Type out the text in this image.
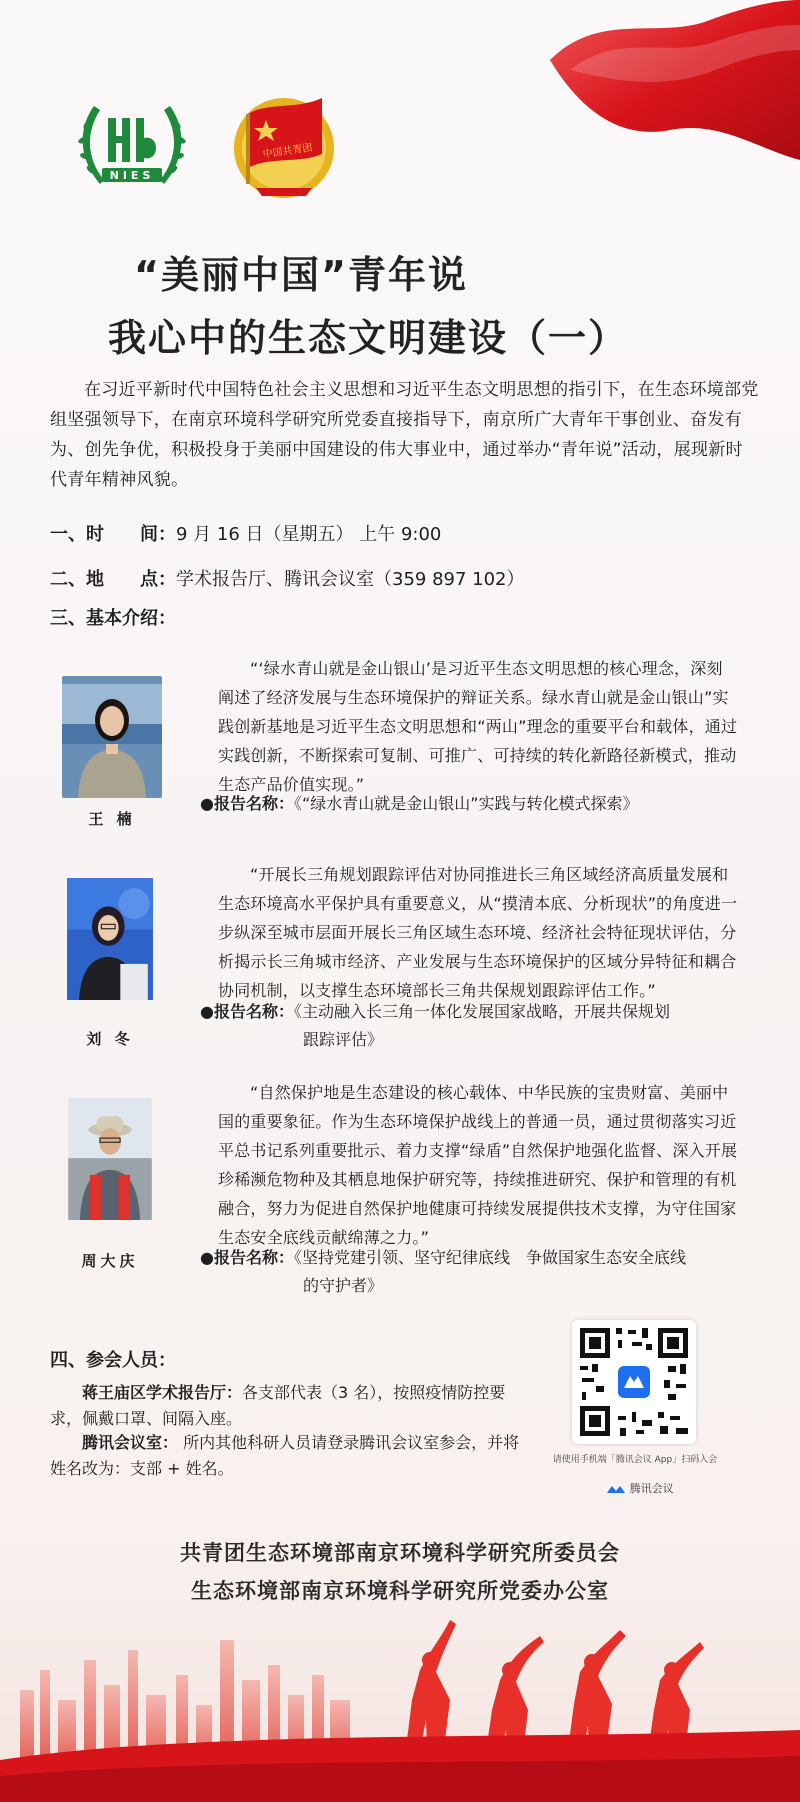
NIES
中国共青团
“美丽中国”青年说
我心中的生态文明建设（一）
在习近平新时代中国特色社会主义思想和习近平生态文明思想的指引下，在生态环境部党组坚强领导下，在南京环境科学研究所党委直接指导下，南京所广大青年干事创业、奋发有为、创先争优，积极投身于美丽中国建设的伟大事业中，通过举办“青年说”活动，展现新时代青年精神风貌。
一、时　　间：9 月 16 日（星期五） 上午 9:00
二、地　　点：学术报告厅、腾讯会议室（359 897 102）
三、基本介绍：
王 楠
“‘绿水青山就是金山银山’是习近平生态文明思想的核心理念，深刻阐述了经济发展与生态环境保护的辩证关系。绿水青山就是金山银山”实践创新基地是习近平生态文明思想和“两山”理念的重要平台和载体，通过实践创新，不断探索可复制、可推广、可持续的转化新路径新模式，推动生态产品价值实现。”
●报告名称：《“绿水青山就是金山银山”实践与转化模式探索》
刘 冬
“开展长三角规划跟踪评估对协同推进长三角区域经济高质量发展和生态环境高水平保护具有重要意义，从“摸清本底、分析现状”的角度进一步纵深至城市层面开展长三角区域生态环境、经济社会特征现状评估，分析揭示长三角城市经济、产业发展与生态环境保护的区域分异特征和耦合协同机制，以支撑生态环境部长三角共保规划跟踪评估工作。”
●报告名称：《主动融入长三角一体化发展国家战略，开展共保规划
跟踪评估》
周大庆
“自然保护地是生态建设的核心载体、中华民族的宝贵财富、美丽中国的重要象征。作为生态环境保护战线上的普通一员，通过贯彻落实习近平总书记系列重要批示、着力支撑“绿盾”自然保护地强化监督、深入开展珍稀濒危物种及其栖息地保护研究等，持续推进研究、保护和管理的有机融合，努力为促进自然保护地健康可持续发展提供技术支撑，为守住国家生态安全底线贡献绵薄之力。”
●报告名称：《坚持党建引领、坚守纪律底线　争做国家生态安全底线
的守护者》
四、参会人员：
蒋王庙区学术报告厅：各支部代表（3 名），按照疫情防控要求，佩戴口罩、间隔入座。
腾讯会议室： 所内其他科研人员请登录腾讯会议室参会，并将姓名改为：支部 + 姓名。	请使用手机端「腾讯会议 App」扫码入会
腾讯会议
共青团生态环境部南京环境科学研究所委员会
生态环境部南京环境科学研究所党委办公室
